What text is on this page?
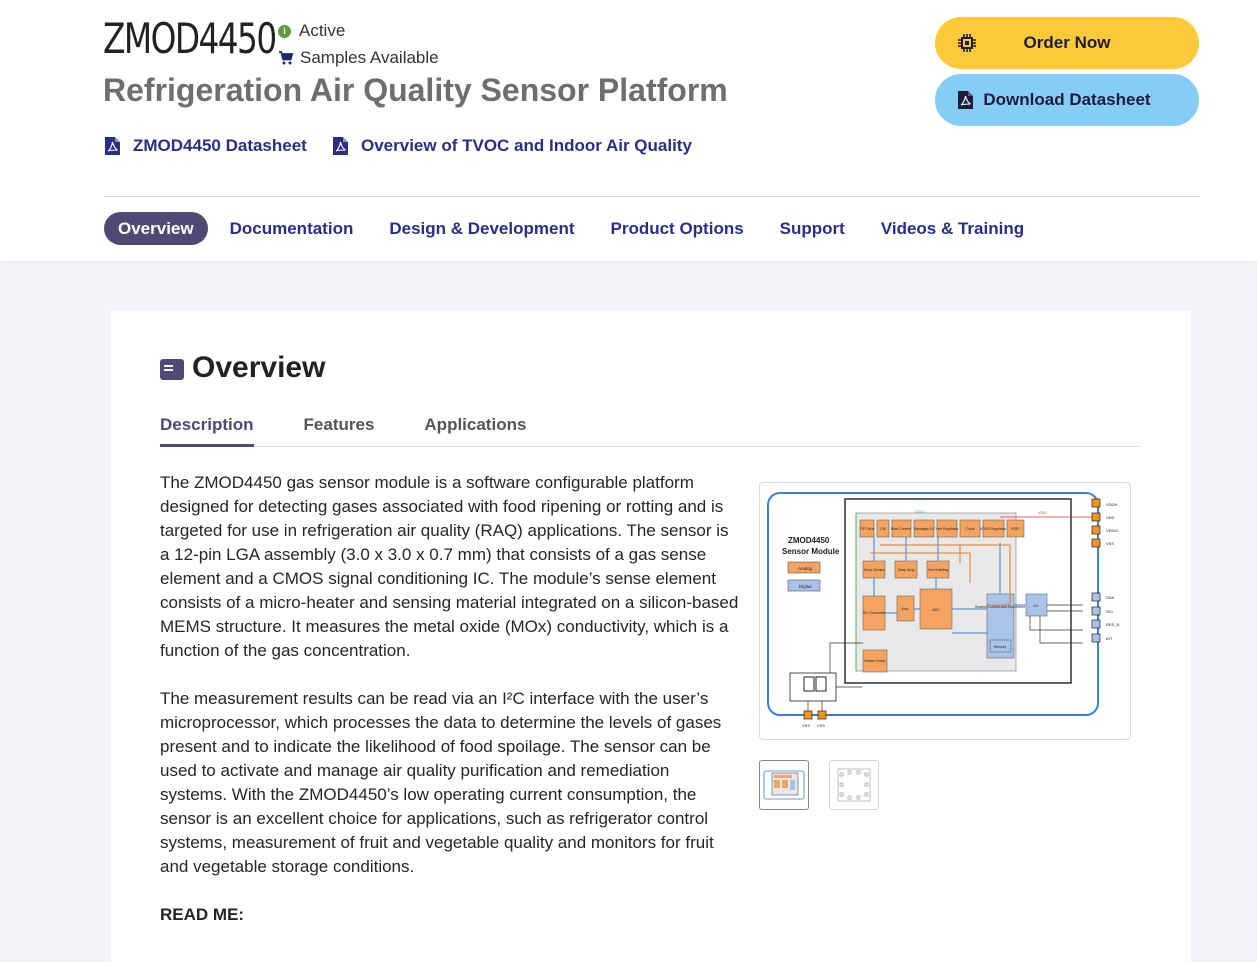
ZMOD4450 i Active
Samples Available
Refrigeration Air Quality Sensor Platform
ZMOD4450 Datasheet	Overview of TVOC and Indoor Air Quality
Order Now
Download Datasheet
Overview	Documentation Design & Development Product Options Support Videos & Training
Overview
Description	Features	Applications

The ZMOD4450 gas sensor module is a software configurable platform designed for detecting gases associated with food ripening or rotting and is targeted for use in refrigeration air quality (RAQ) applications. The sensor is a 12-pin LGA assembly (3.0 x 3.0 x 0.7 mm) that consists of a gas sense element and a CMOS signal conditioning IC. The module’s sense element consists of a micro-heater and sensing material integrated on a silicon-based MEMS structure. It measures the metal oxide (MOx) conductivity, which is a function of the gas concentration.

The measurement results can be read via an I²C interface with the user’s microprocessor, which processes the data to determine the levels of gases present and to indicate the likelihood of food spoilage. The sensor can be used to activate and manage air quality purification and remediation systems. With the ZMOD4450’s low operating current consumption, the sensor is an excellent choice for applications, such as refrigerator control systems, measurement of fruit and vegetable quality and monitors for fruit and vegetable storage conditions.

READ ME:

ZMOD4450
Sensor Module
Analog
Digital
VDD2	VDD
TST Mux CM Bias Current Bandgap LV Vref Regulator Clock VDD2 Regulator POR
Temp Sensor	Temp Amp	Vref Building
R/V Converter
Mux	ADC
System Control and Sequencer I2C
Memory
Heater Driver
VDDH
VDD
VDDIO
VSS
SDA
SCL
RES_N
INT
VSS VSS
